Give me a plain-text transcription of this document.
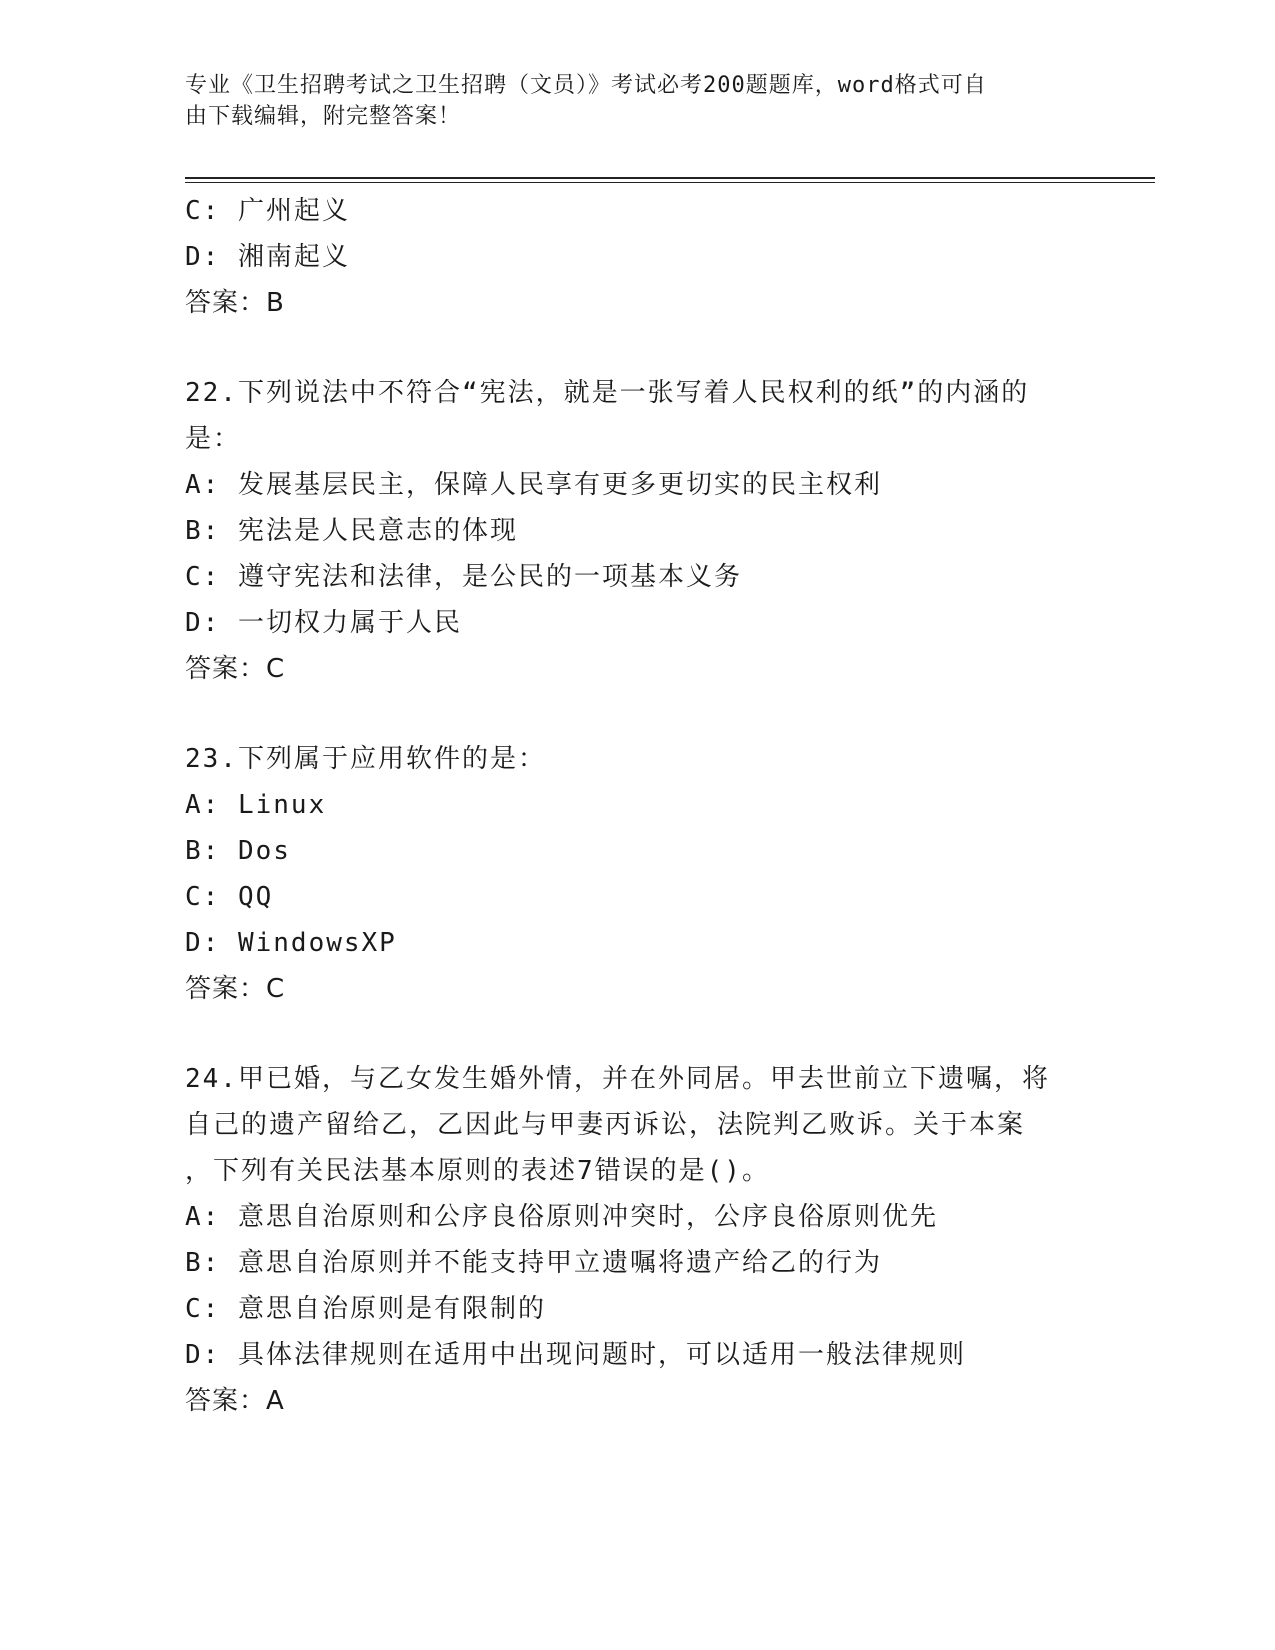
专业《卫生招聘考试之卫生招聘（文员）》考试必考200题题库，word格式可自
由下载编辑，附完整答案！
C: 广州起义
D: 湘南起义
答案：B
22.下列说法中不符合“宪法，就是一张写着人民权利的纸”的内涵的
是：
A: 发展基层民主，保障人民享有更多更切实的民主权利
B: 宪法是人民意志的体现
C: 遵守宪法和法律，是公民的一项基本义务
D: 一切权力属于人民
答案：C
23.下列属于应用软件的是：
A: Linux
B: Dos
C: QQ
D: WindowsXP
答案：C
24.甲已婚，与乙女发生婚外情，并在外同居。甲去世前立下遗嘱，将
自己的遗产留给乙，乙因此与甲妻丙诉讼，法院判乙败诉。关于本案
，下列有关民法基本原则的表述7错误的是()。
A: 意思自治原则和公序良俗原则冲突时，公序良俗原则优先
B: 意思自治原则并不能支持甲立遗嘱将遗产给乙的行为
C: 意思自治原则是有限制的
D: 具体法律规则在适用中出现问题时，可以适用一般法律规则
答案：A
